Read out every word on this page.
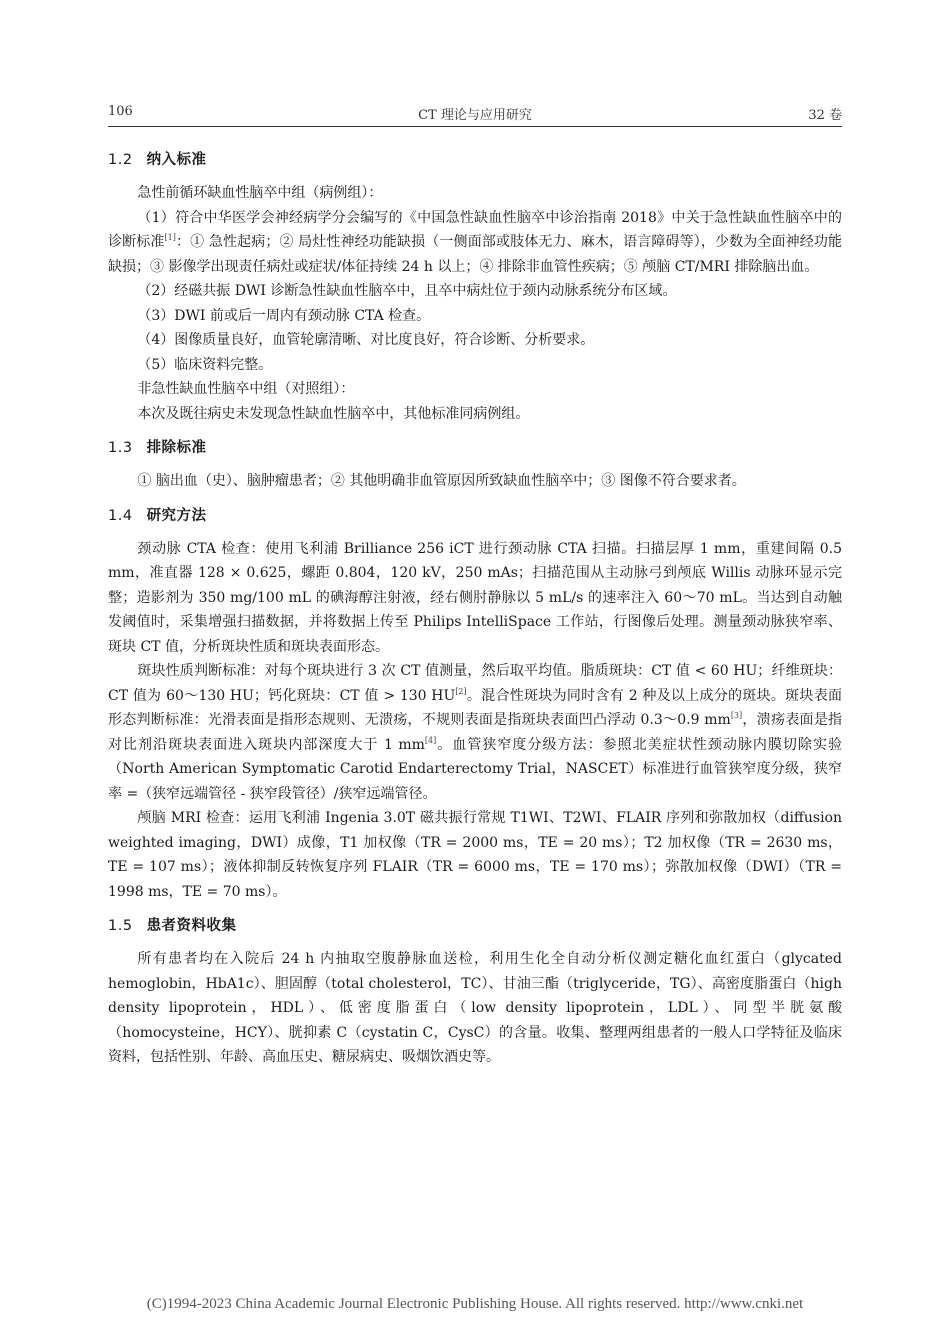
106	CT 理论与应用研究	32 卷
1.2 纳入标准

急性前循环缺血性脑卒中组（病例组）：

（1）符合中华医学会神经病学分会编写的《中国急性缺血性脑卒中诊治指南 2018》中关于急性缺血性脑卒中的诊断标准[1]：① 急性起病；② 局灶性神经功能缺损（一侧面部或肢体无力、麻木，语言障碍等），少数为全面神经功能缺损；③ 影像学出现责任病灶或症状/体征持续 24 h 以上；④ 排除非血管性疾病；⑤ 颅脑 CT/MRI 排除脑出血。

（2）经磁共振 DWI 诊断急性缺血性脑卒中，且卒中病灶位于颈内动脉系统分布区域。

（3）DWI 前或后一周内有颈动脉 CTA 检查。

（4）图像质量良好，血管轮廓清晰、对比度良好，符合诊断、分析要求。

（5）临床资料完整。

非急性缺血性脑卒中组（对照组）：

本次及既往病史未发现急性缺血性脑卒中，其他标准同病例组。

1.3 排除标准

① 脑出血（史）、脑肿瘤患者；② 其他明确非血管原因所致缺血性脑卒中；③ 图像不符合要求者。

1.4 研究方法

颈动脉 CTA 检查：使用飞利浦 Brilliance 256 iCT 进行颈动脉 CTA 扫描。扫描层厚 1 mm，重建间隔 0.5 mm，准直器 128 × 0.625，螺距 0.804，120 kV，250 mAs；扫描范围从主动脉弓到颅底 Willis 动脉环显示完整；造影剂为 350 mg/100 mL 的碘海醇注射液，经右侧肘静脉以 5 mL/s 的速率注入 60～70 mL。当达到自动触发阈值时，采集增强扫描数据，并将数据上传至 Philips IntelliSpace 工作站，行图像后处理。测量颈动脉狭窄率、斑块 CT 值，分析斑块性质和斑块表面形态。

斑块性质判断标准：对每个斑块进行 3 次 CT 值测量，然后取平均值。脂质斑块：CT 值 < 60 HU；纤维斑块：CT 值为 60～130 HU；钙化斑块：CT 值 > 130 HU[2]。混合性斑块为同时含有 2 种及以上成分的斑块。斑块表面形态判断标准：光滑表面是指形态规则、无溃疡，不规则表面是指斑块表面凹凸浮动 0.3～0.9 mm[3]，溃疡表面是指对比剂沿斑块表面进入斑块内部深度大于 1 mm[4]。血管狭窄度分级方法：参照北美症状性颈动脉内膜切除实验（North American Symptomatic Carotid Endarterectomy Trial，NASCET）标准进行血管狭窄度分级，狭窄率 =（狭窄远端管径 - 狭窄段管径）/狭窄远端管径。

颅脑 MRI 检查：运用飞利浦 Ingenia 3.0T 磁共振行常规 T1WI、T2WI、FLAIR 序列和弥散加权（diffusion weighted imaging，DWI）成像，T1 加权像（TR = 2000 ms，TE = 20 ms）；T2 加权像（TR = 2630 ms，TE = 107 ms）；液体抑制反转恢复序列 FLAIR（TR = 6000 ms，TE = 170 ms）；弥散加权像（DWI）（TR = 1998 ms，TE = 70 ms）。

1.5 患者资料收集

所有患者均在入院后 24 h 内抽取空腹静脉血送检，利用生化全自动分析仪测定糖化血红蛋白（glycated hemoglobin，HbA1c）、胆固醇（total cholesterol，TC）、甘油三酯（triglyceride，TG）、高密度脂蛋白（high density lipoprotein，HDL）、低密度脂蛋白（low density lipoprotein，LDL）、同型半胱氨酸（homocysteine，HCY）、胱抑素 C（cystatin C，CysC）的含量。收集、整理两组患者的一般人口学特征及临床资料，包括性别、年龄、高血压史、糖尿病史、吸烟饮酒史等。

(C)1994-2023 China Academic Journal Electronic Publishing House. All rights reserved. http://www.cnki.net
